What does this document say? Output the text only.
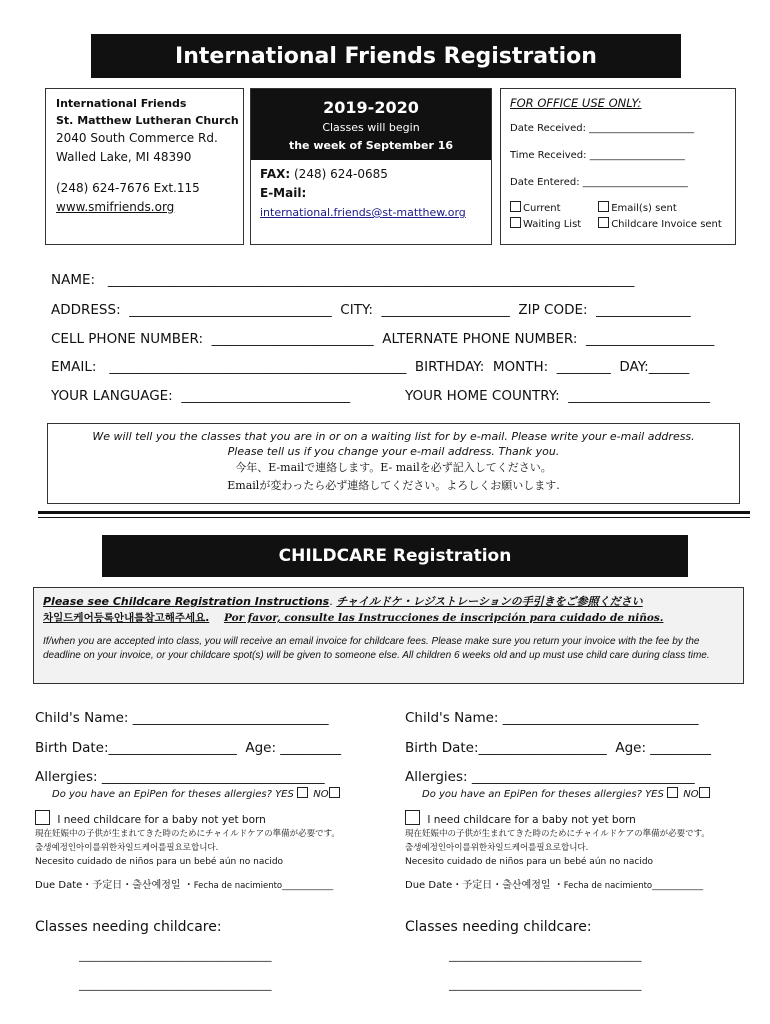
International Friends Registration
International Friends
St. Matthew Lutheran Church
2040 South Commerce Rd.
Walled Lake, MI 48390
(248) 624-7676 Ext.115
www.smifriends.org
2019-2020
Classes will begin
the week of September 16
FAX: (248) 624-0685
E-Mail:
international.friends@st-matthew.org
FOR OFFICE USE ONLY:
Date Received: _____________________
Time Received: ___________________
Date Entered: _____________________
Current	Email(s) sent
Waiting List	Childcare Invoice sent
NAME:   ______________________________________________________________________________
ADDRESS:  ______________________________  CITY:  ___________________  ZIP CODE:  ______________
CELL PHONE NUMBER:  ________________________  ALTERNATE PHONE NUMBER:  ___________________
EMAIL:   ____________________________________________  BIRTHDAY:  MONTH:  ________  DAY:______
YOUR LANGUAGE:  _________________________	YOUR HOME COUNTRY:  _____________________
We will tell you the classes that you are in or on a waiting list for by e-mail. Please write your e-mail address.
Please tell us if you change your e-mail address. Thank you.
今年、E-mailで連絡します。E- mailを必ず記入してください。
Emailが変わったら必ず連絡してください。よろしくお願いします.
CHILDCARE Registration
Please see Childcare Registration Instructions. チャイルドケ・レジストレーションの手引きをご参照ください
차일드케어등록안내를참고해주세요. Por favor, consulte las Instrucciones de inscripción para cuidado de niños.
If/when you are accepted into class, you will receive an email invoice for childcare fees. Please make sure you return your invoice with the fee by the deadline on your invoice, or your childcare spot(s) will be given to someone else. All children 6 weeks old and up must use child care during class time.
Child's Name: _____________________________
Birth Date:___________________  Age: _________
Allergies: _________________________________
Do you have an EpiPen for theses allergies? YES NO
I need childcare for a baby not yet born
現在妊娠中の子供が生まれてきた時のためにチャイルドケアの準備が必要です。
출생예정인아이를위한차일드케어를필요로합니다.
Necesito cuidado de niños para un bebé aún no nacido
Due Date・予定日・출산예정일 ・Fecha de nacimiento____________
Classes needing childcare:
___________________________________
___________________________________
Child's Name: _____________________________
Birth Date:___________________  Age: _________
Allergies: _________________________________
Do you have an EpiPen for theses allergies? YES NO
I need childcare for a baby not yet born
現在妊娠中の子供が生まれてきた時のためにチャイルドケアの準備が必要です。
출생예정인아이를위한차일드케어를필요로합니다.
Necesito cuidado de niños para un bebé aún no nacido
Due Date・予定日・출산예정일 ・Fecha de nacimiento____________
Classes needing childcare:
___________________________________
___________________________________
